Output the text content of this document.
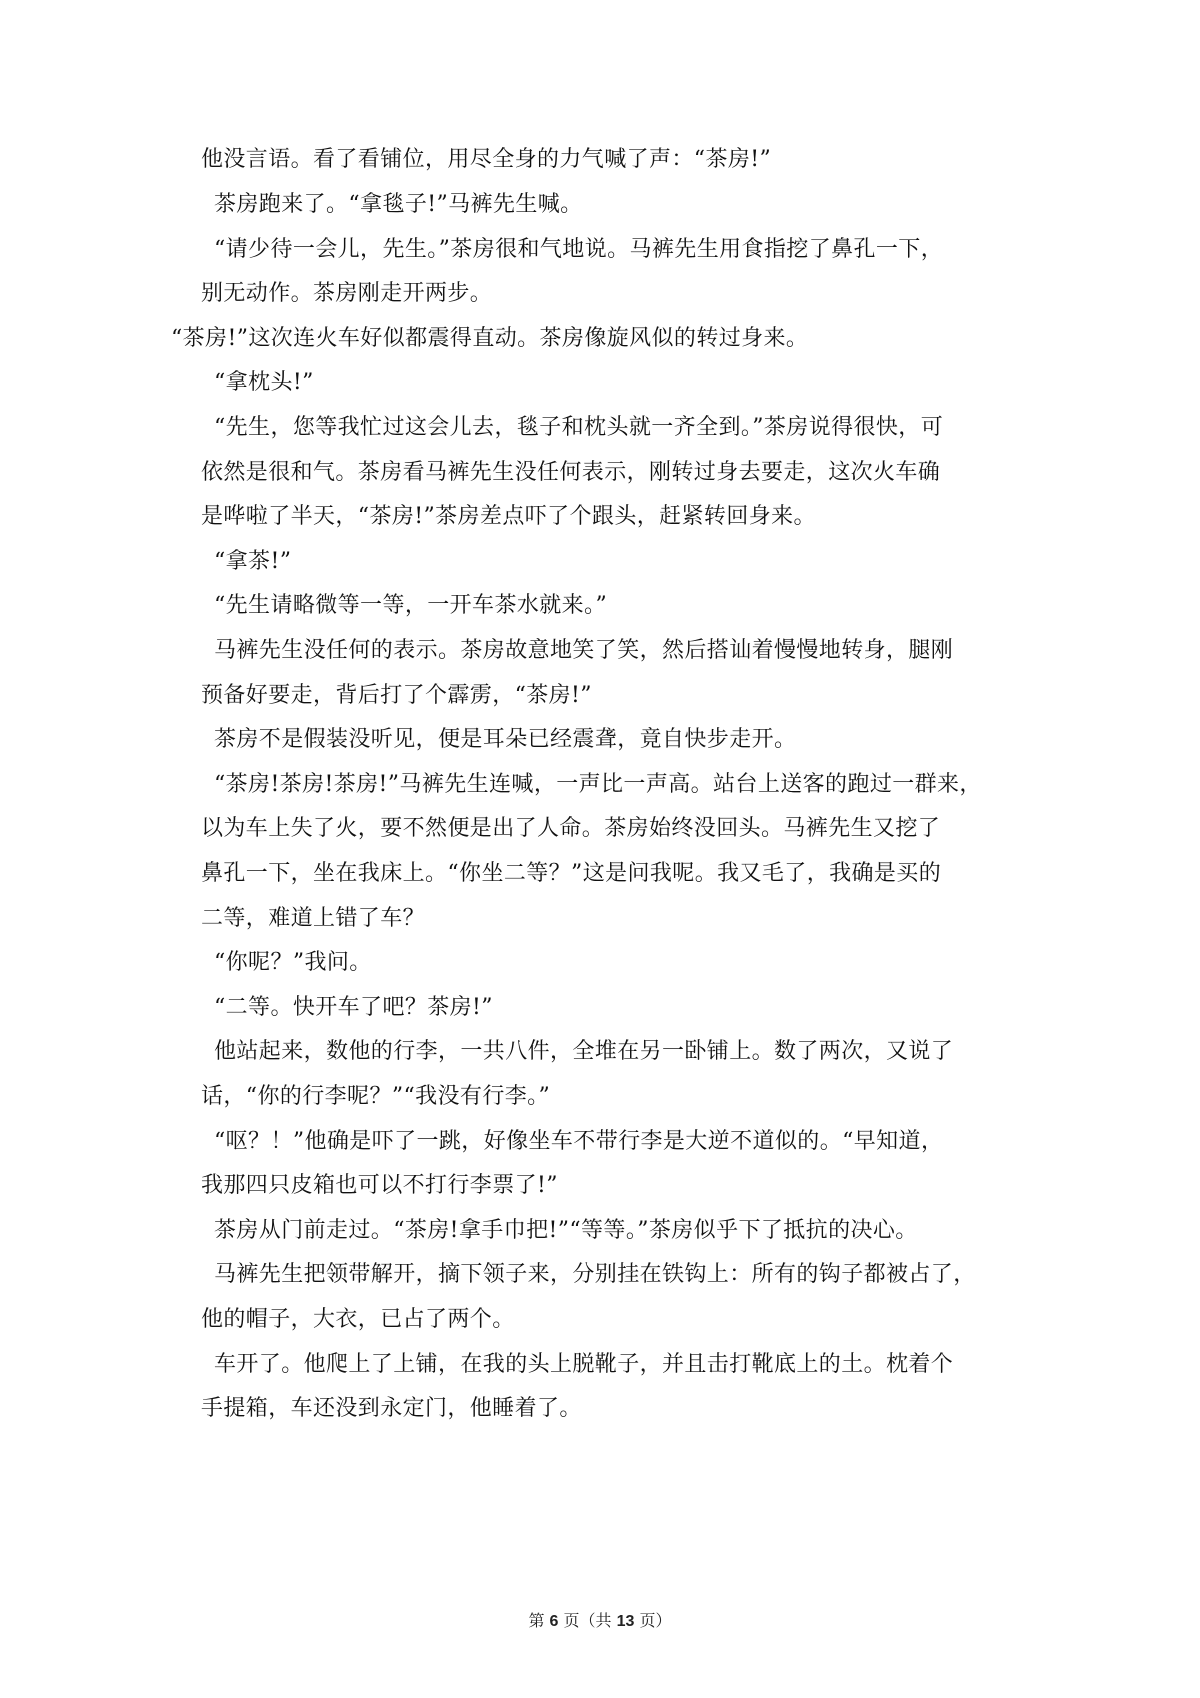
他没言语。看了看铺位，用尽全身的力气喊了声：“茶房!”
茶房跑来了。“拿毯子!”马裤先生喊。
“请少待一会儿，先生。”茶房很和气地说。马裤先生用食指挖了鼻孔一下，
别无动作。茶房刚走开两步。
“茶房!”这次连火车好似都震得直动。茶房像旋风似的转过身来。
“拿枕头!”
“先生，您等我忙过这会儿去，毯子和枕头就一齐全到。”茶房说得很快，可
依然是很和气。茶房看马裤先生没任何表示，刚转过身去要走，这次火车确
是哗啦了半天，“茶房!”茶房差点吓了个跟头，赶紧转回身来。
“拿茶!”
“先生请略微等一等，一开车茶水就来。”
马裤先生没任何的表示。茶房故意地笑了笑，然后搭讪着慢慢地转身，腿刚
预备好要走，背后打了个霹雳，“茶房!”
茶房不是假装没听见，便是耳朵已经震聋，竟自快步走开。
“茶房!茶房!茶房!”马裤先生连喊，一声比一声高。站台上送客的跑过一群来，
以为车上失了火，要不然便是出了人命。茶房始终没回头。马裤先生又挖了
鼻孔一下，坐在我床上。“你坐二等？”这是问我呢。我又毛了，我确是买的
二等，难道上错了车？
“你呢？”我问。
“二等。快开车了吧？茶房!”
他站起来，数他的行李，一共八件，全堆在另一卧铺上。数了两次，又说了
话，“你的行李呢？”“我没有行李。”
“呕？！”他确是吓了一跳，好像坐车不带行李是大逆不道似的。“早知道，
我那四只皮箱也可以不打行李票了!”
茶房从门前走过。“茶房!拿手巾把!”“等等。”茶房似乎下了抵抗的决心。
马裤先生把领带解开，摘下领子来，分别挂在铁钩上：所有的钩子都被占了，
他的帽子，大衣，已占了两个。
车开了。他爬上了上铺，在我的头上脱靴子，并且击打靴底上的土。枕着个
手提箱，车还没到永定门，他睡着了。
第 6 页（共 13 页）
